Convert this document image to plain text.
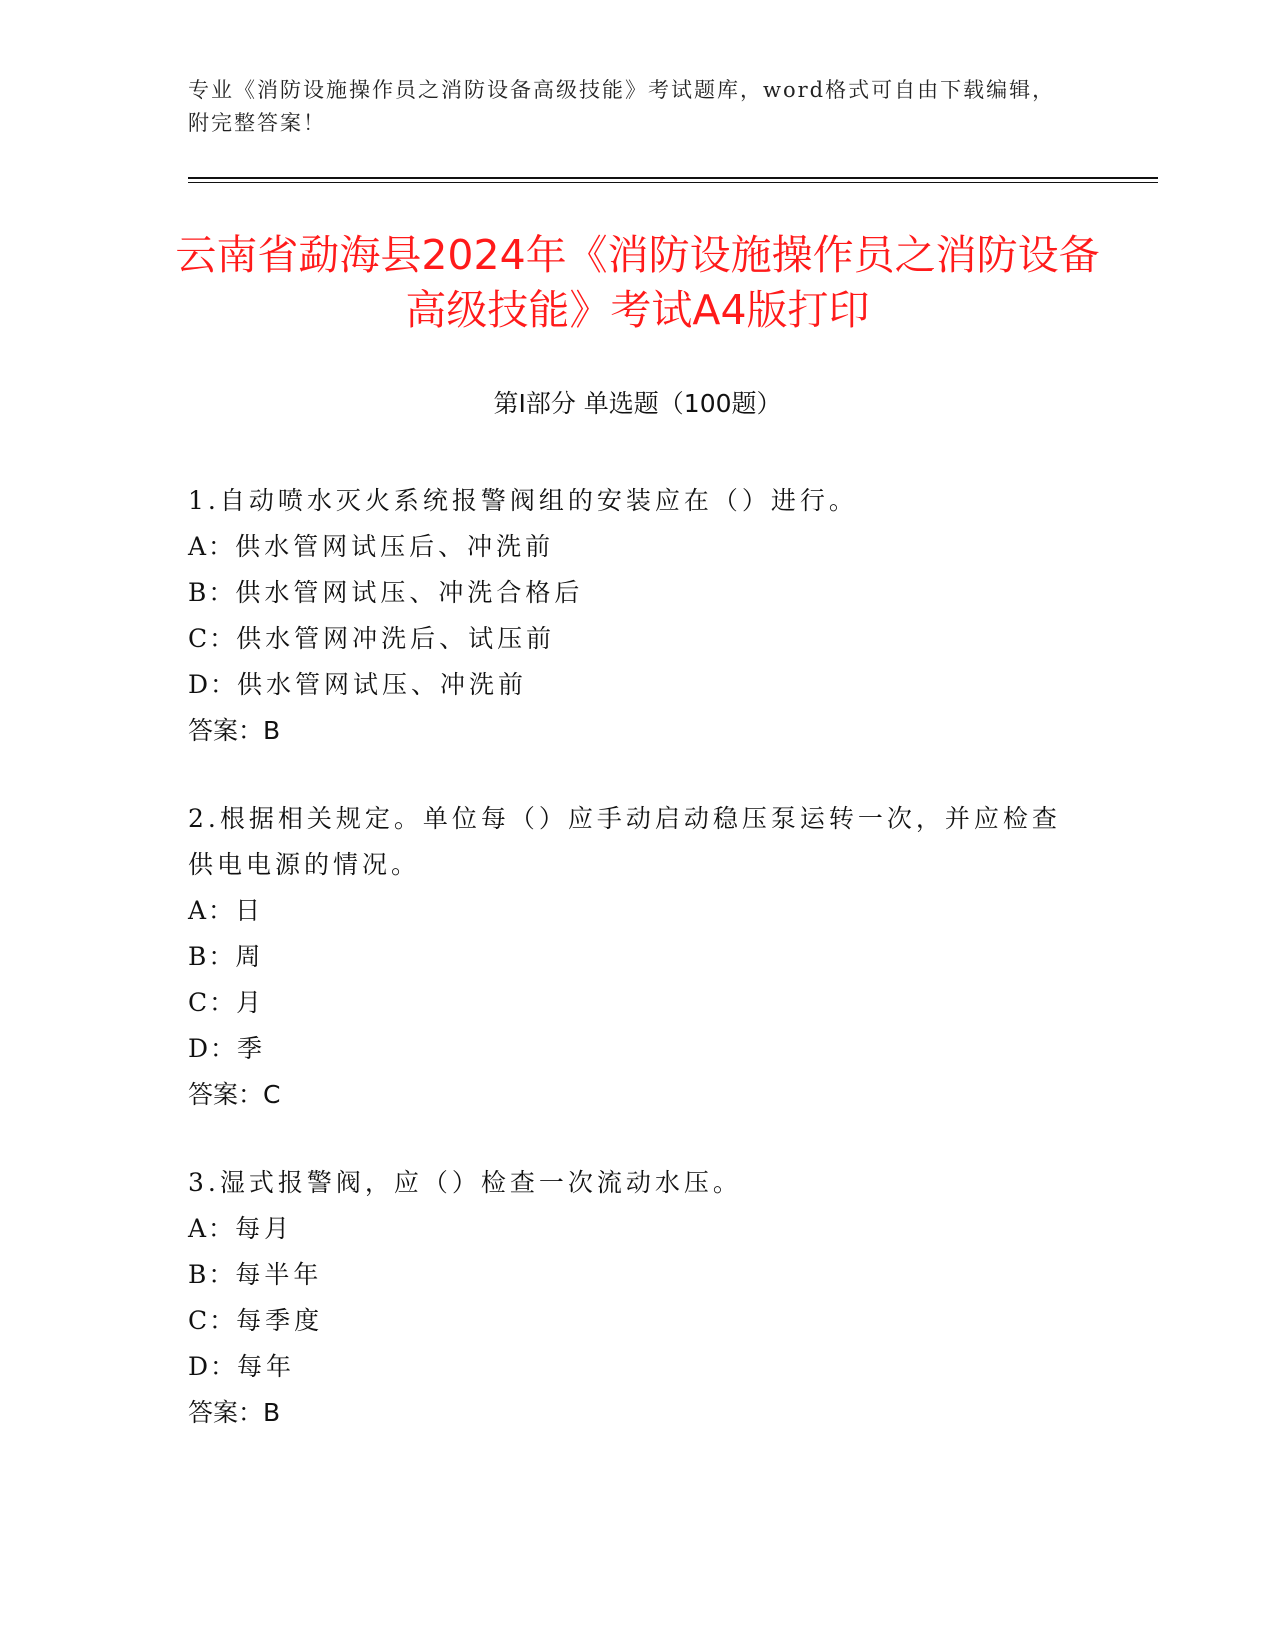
专业《消防设施操作员之消防设备高级技能》考试题库，word格式可自由下载编辑，附完整答案！
云南省勐海县2024年《消防设施操作员之消防设备高级技能》考试A4版打印
第Ⅰ部分 单选题（100题）

1.自动喷水灭火系统报警阀组的安装应在（）进行。

A：供水管网试压后、冲洗前

B：供水管网试压、冲洗合格后

C：供水管网冲洗后、试压前

D：供水管网试压、冲洗前

答案：B

2.根据相关规定。单位每（）应手动启动稳压泵运转一次，并应检查供电电源的情况。

A：日

B：周

C：月

D：季

答案：C

3.湿式报警阀，应（）检查一次流动水压。

A：每月

B：每半年

C：每季度

D：每年

答案：B
